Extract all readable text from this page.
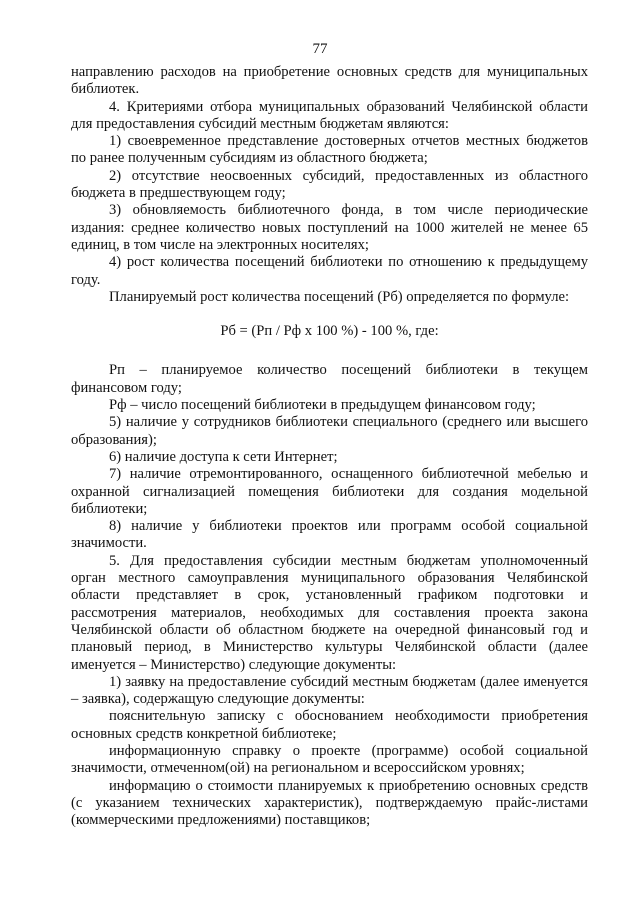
77

направлению расходов на приобретение основных средств для муниципальных библиотек.

4. Критериями отбора муниципальных образований Челябинской области для предоставления субсидий местным бюджетам являются:

1) своевременное представление достоверных отчетов местных бюджетов по ранее полученным субсидиям из областного бюджета;

2) отсутствие неосвоенных субсидий, предоставленных из областного бюджета в предшествующем году;

3) обновляемость библиотечного фонда, в том числе периодические издания: среднее количество новых поступлений на 1000 жителей не менее 65 единиц, в том числе на электронных носителях;

4) рост количества посещений библиотеки по отношению к предыдущему году.

Планируемый рост количества посещений (Рб) определяется по формуле:

Рб = (Рп / Рф х 100 %) - 100 %, где:

Рп – планируемое количество посещений библиотеки в текущем финансовом году;

Рф – число посещений библиотеки в предыдущем финансовом году;

5) наличие у сотрудников библиотеки специального (среднего или высшего образования);

6) наличие доступа к сети Интернет;

7) наличие отремонтированного, оснащенного библиотечной мебелью и охранной сигнализацией помещения библиотеки для создания модельной библиотеки;

8) наличие у библиотеки проектов или программ особой социальной значимости.

5. Для предоставления субсидии местным бюджетам уполномоченный орган местного самоуправления муниципального образования Челябинской области представляет в срок, установленный графиком подготовки и рассмотрения материалов, необходимых для составления проекта закона Челябинской области об областном бюджете на очередной финансовый год и плановый период, в Министерство культуры Челябинской области (далее именуется – Министерство) следующие документы:

1) заявку на предоставление субсидий местным бюджетам (далее именуется – заявка), содержащую следующие документы:

пояснительную записку с обоснованием необходимости приобретения основных средств конкретной библиотеке;

информационную справку о проекте (программе) особой социальной значимости, отмеченном(ой) на региональном и всероссийском уровнях;

информацию о стоимости планируемых к приобретению основных средств (с указанием технических характеристик), подтверждаемую прайс-листами (коммерческими предложениями) поставщиков;
